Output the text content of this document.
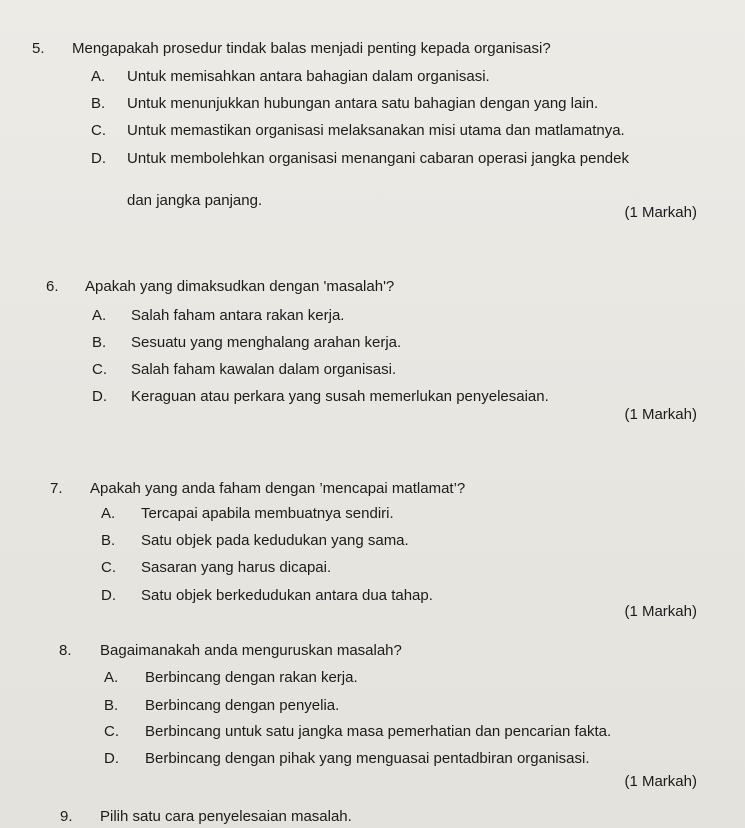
5. Mengapakah prosedur tindak balas menjadi penting kepada organisasi?
A. Untuk memisahkan antara bahagian dalam organisasi.
B. Untuk menunjukkan hubungan antara satu bahagian dengan yang lain.
C. Untuk memastikan organisasi melaksanakan misi utama dan matlamatnya.
D. Untuk membolehkan organisasi menangani cabaran operasi jangka pendek
dan jangka panjang.
(1 Markah)
6. Apakah yang dimaksudkan dengan 'masalah'?
A. Salah faham antara rakan kerja.
B. Sesuatu yang menghalang arahan kerja.
C. Salah faham kawalan dalam organisasi.
D. Keraguan atau perkara yang susah memerlukan penyelesaian.
(1 Markah)
7. Apakah yang anda faham dengan ’mencapai matlamat’?
A. Tercapai apabila membuatnya sendiri.
B. Satu objek pada kedudukan yang sama.
C. Sasaran yang harus dicapai.
D. Satu objek berkedudukan antara dua tahap.
(1 Markah)
8. Bagaimanakah anda menguruskan masalah?
A. Berbincang dengan rakan kerja.
B. Berbincang dengan penyelia.
C. Berbincang untuk satu jangka masa pemerhatian dan pencarian fakta.
D. Berbincang dengan pihak yang menguasai pentadbiran organisasi.
(1 Markah)
9. Pilih satu cara penyelesaian masalah.
